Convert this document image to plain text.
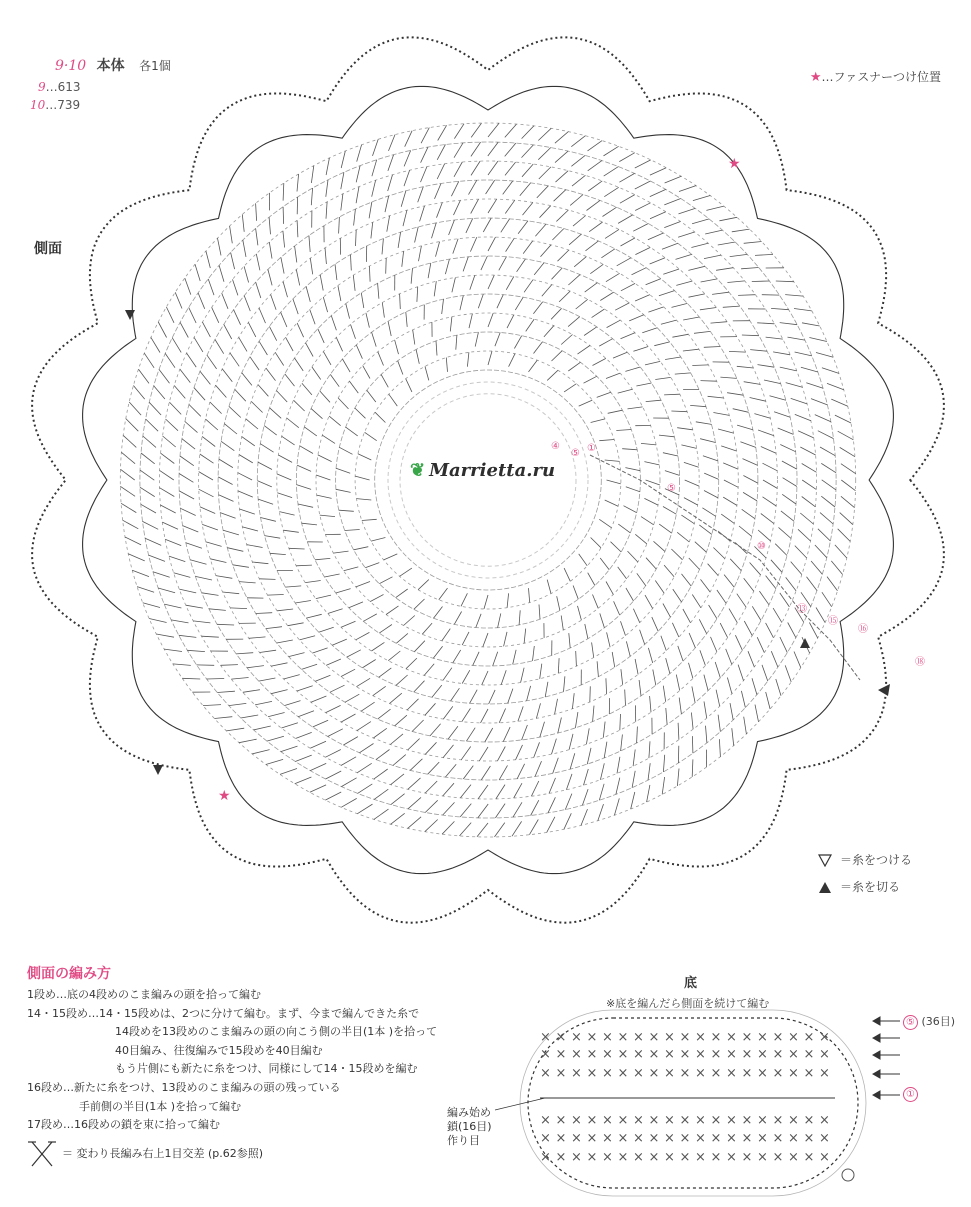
★
★
× × × × × × × × × × × × × × × × × × ×
× × × × × × × × × × × × × × × × × × ×
× × × × × × × × × × × × × × × × × × ×
× × × × × × × × × × × × × × × × × × ×
× × × × × × × × × × × × × × × × × × ×
× × × × × × × × × × × × × × × × × × ×
9·10 本体 各1個
9…613
10…739
★…ファスナーつけ位置
側面
❦ Marrietta.ru
④
⑤ ①
⑤
⑩
⑬
⑮
⑯
⑱
＝糸をつける
＝糸を切る
側面の編み方
1段め…底の4段めのこま編みの頭を拾って編む
14・15段め…14・15段めは、2つに分けて編む。まず、今まで編んできた糸で
14段めを13段めのこま編みの頭の向こう側の半目(1本 )を拾って
40目編み、往復編みで15段めを40目編む
もう片側にも新たに糸をつけ、同様にして14・15段めを編む
16段め…新たに糸をつけ、13段めのこま編みの頭の残っている
手前側の半目(1本 )を拾って編む
17段め…16段めの鎖を束に拾って編む
＝ 変わり長編み右上1目交差 (p.62参照)
底
※底を編んだら側面を続けて編む
⑤ (36目)
①
編み始め
鎖(16目)
作り目
